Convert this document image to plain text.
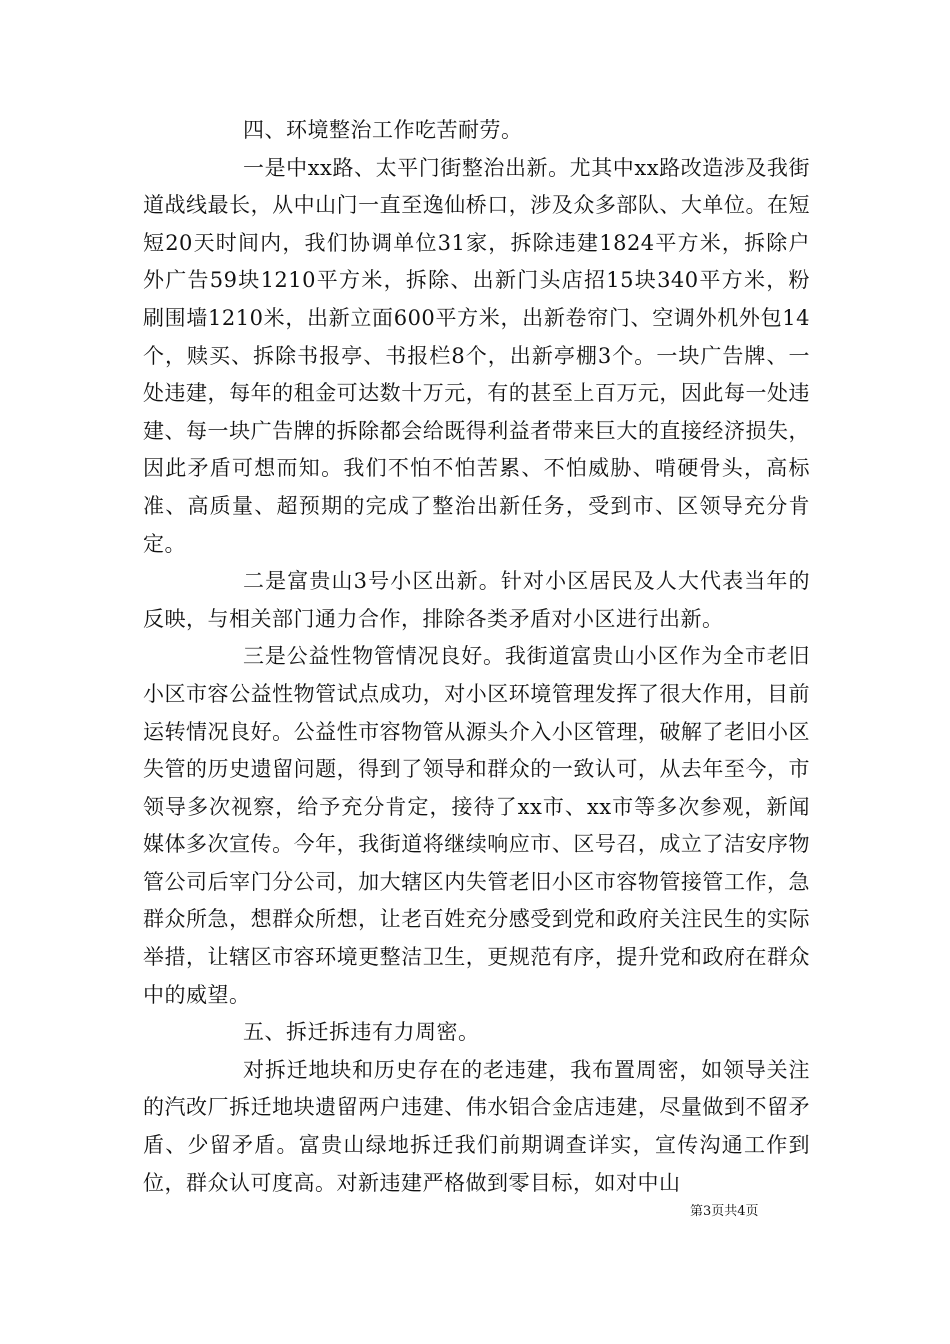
四、环境整治工作吃苦耐劳。

一是中xx路、太平门街整治出新。尤其中xx路改造涉及我街道战线最长，从中山门一直至逸仙桥口，涉及众多部队、大单位。在短短20天时间内，我们协调单位31家，拆除违建1824平方米，拆除户外广告59块1210平方米，拆除、出新门头店招15块340平方米，粉刷围墙1210米，出新立面600平方米，出新卷帘门、空调外机外包14个，赎买、拆除书报亭、书报栏8个，出新亭棚3个。一块广告牌、一处违建，每年的租金可达数十万元，有的甚至上百万元，因此每一处违建、每一块广告牌的拆除都会给既得利益者带来巨大的直接经济损失，因此矛盾可想而知。我们不怕不怕苦累、不怕威胁、啃硬骨头，高标准、高质量、超预期的完成了整治出新任务，受到市、区领导充分肯定。

二是富贵山3号小区出新。针对小区居民及人大代表当年的反映，与相关部门通力合作，排除各类矛盾对小区进行出新。

三是公益性物管情况良好。我街道富贵山小区作为全市老旧小区市容公益性物管试点成功，对小区环境管理发挥了很大作用，目前运转情况良好。公益性市容物管从源头介入小区管理，破解了老旧小区失管的历史遗留问题，得到了领导和群众的一致认可，从去年至今，市领导多次视察，给予充分肯定，接待了xx市、xx市等多次参观，新闻媒体多次宣传。今年，我街道将继续响应市、区号召，成立了洁安序物管公司后宰门分公司，加大辖区内失管老旧小区市容物管接管工作，急群众所急，想群众所想，让老百姓充分感受到党和政府关注民生的实际举措，让辖区市容环境更整洁卫生，更规范有序，提升党和政府在群众中的威望。

五、拆迁拆违有力周密。

对拆迁地块和历史存在的老违建，我布置周密，如领导关注的汽改厂拆迁地块遗留两户违建、伟水铝合金店违建，尽量做到不留矛盾、少留矛盾。富贵山绿地拆迁我们前期调查详实，宣传沟通工作到位，群众认可度高。对新违建严格做到零目标，如对中山

第3页共4页
